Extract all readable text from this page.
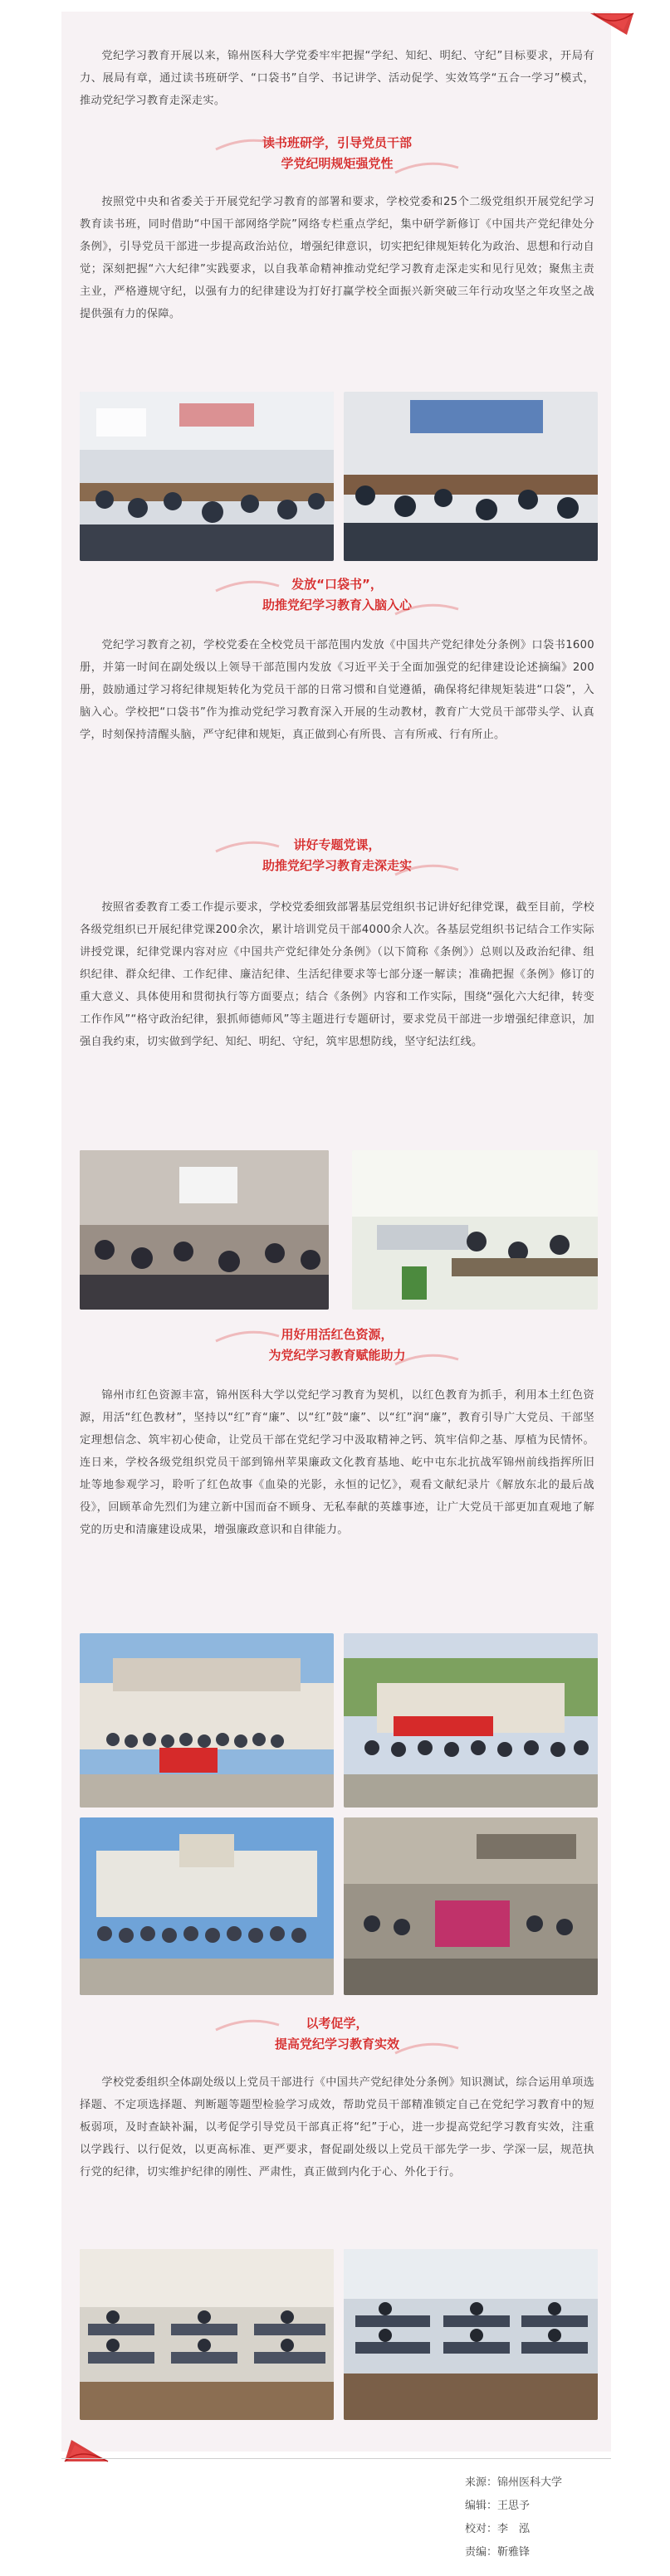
党纪学习教育开展以来，锦州医科大学党委牢牢把握“学纪、知纪、明纪、守纪”目标要求，开局有力、展局有章，通过读书班研学、“口袋书”自学、书记讲学、活动促学、实效笃学“五合一学习”模式，推动党纪学习教育走深走实。

读书班研学，引导党员干部
学党纪明规矩强党性

按照党中央和省委关于开展党纪学习教育的部署和要求，学校党委和25个二级党组织开展党纪学习教育读书班，同时借助“中国干部网络学院”网络专栏重点学纪，集中研学新修订《中国共产党纪律处分条例》，引导党员干部进一步提高政治站位，增强纪律意识，切实把纪律规矩转化为政治、思想和行动自觉；深刻把握“六大纪律”实践要求，以自我革命精神推动党纪学习教育走深走实和见行见效；聚焦主责主业，严格遵规守纪，以强有力的纪律建设为打好打赢学校全面振兴新突破三年行动攻坚之年攻坚之战提供强有力的保障。

发放“口袋书”，
助推党纪学习教育入脑入心

党纪学习教育之初，学校党委在全校党员干部范围内发放《中国共产党纪律处分条例》口袋书1600册，并第一时间在副处级以上领导干部范围内发放《习近平关于全面加强党的纪律建设论述摘编》200册，鼓励通过学习将纪律规矩转化为党员干部的日常习惯和自觉遵循，确保将纪律规矩装进“口袋”，入脑入心。学校把“口袋书”作为推动党纪学习教育深入开展的生动教材，教育广大党员干部带头学、认真学，时刻保持清醒头脑，严守纪律和规矩，真正做到心有所畏、言有所戒、行有所止。

讲好专题党课，
助推党纪学习教育走深走实

按照省委教育工委工作提示要求，学校党委细致部署基层党组织书记讲好纪律党课，截至目前，学校各级党组织已开展纪律党课200余次，累计培训党员干部4000余人次。各基层党组织书记结合工作实际讲授党课，纪律党课内容对应《中国共产党纪律处分条例》（以下简称《条例》）总则以及政治纪律、组织纪律、群众纪律、工作纪律、廉洁纪律、生活纪律要求等七部分逐一解读；准确把握《条例》修订的重大意义、具体使用和贯彻执行等方面要点；结合《条例》内容和工作实际，围绕“强化六大纪律，转变工作作风”“格守政治纪律，狠抓师德师风”等主题进行专题研讨，要求党员干部进一步增强纪律意识，加强自我约束，切实做到学纪、知纪、明纪、守纪，筑牢思想防线，坚守纪法红线。

用好用活红色资源，
为党纪学习教育赋能助力

锦州市红色资源丰富，锦州医科大学以党纪学习教育为契机，以红色教育为抓手，利用本土红色资源，用活“红色教材”，坚持以“红”育“廉”、以“红”鼓“廉”、以“红”润“廉”，教育引导广大党员、干部坚定理想信念、筑牢初心使命，让党员干部在党纪学习中汲取精神之钙、筑牢信仰之基、厚植为民情怀。连日来，学校各级党组织党员干部到锦州苹果廉政文化教育基地、屹中屯东北抗战军锦州前线指挥所旧址等地参观学习，聆听了红色故事《血染的光影，永恒的记忆》，观看文献纪录片《解放东北的最后战役》，回顾革命先烈们为建立新中国而奋不顾身、无私奉献的英雄事迹，让广大党员干部更加直观地了解党的历史和清廉建设成果，增强廉政意识和自律能力。

以考促学，
提高党纪学习教育实效

学校党委组织全体副处级以上党员干部进行《中国共产党纪律处分条例》知识测试，综合运用单项选择题、不定项选择题、判断题等题型检验学习成效，帮助党员干部精准锁定自己在党纪学习教育中的短板弱项，及时查缺补漏，以考促学引导党员干部真正将“纪”于心，进一步提高党纪学习教育实效，注重以学践行、以行促效，以更高标准、更严要求，督促副处级以上党员干部先学一步、学深一层，规范执行党的纪律，切实维护纪律的刚性、严肃性，真正做到内化于心、外化于行。

来源：锦州医科大学
编辑：王思予
校对：李　泓
责编：靳雅锋
